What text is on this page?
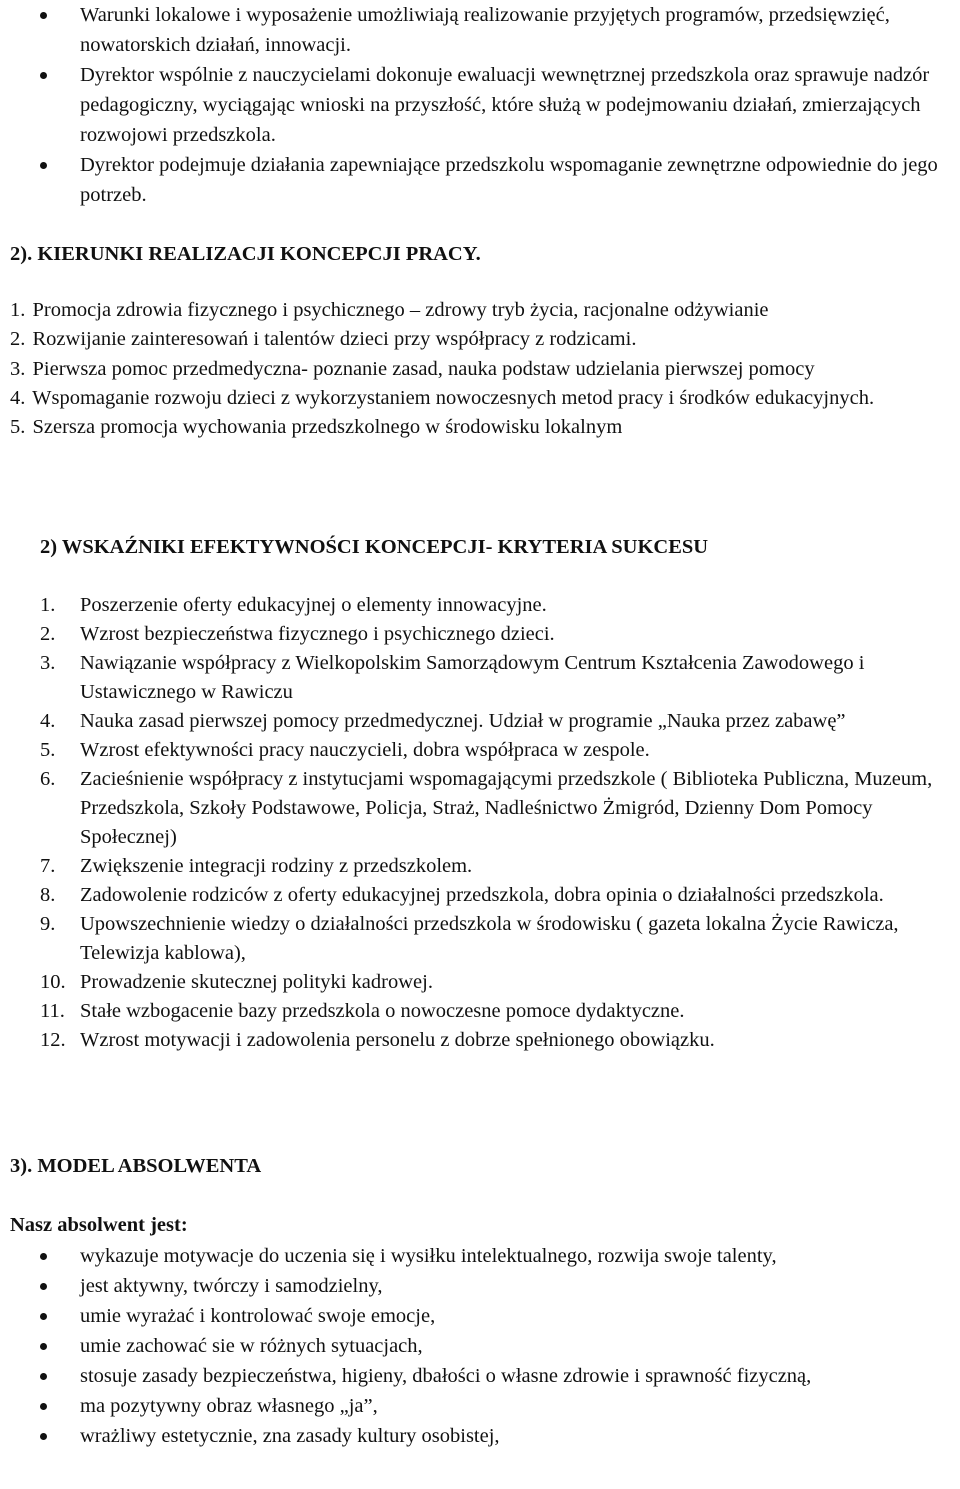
Warunki lokalowe i wyposażenie umożliwiają realizowanie przyjętych programów, przedsięwzięć, nowatorskich działań, innowacji.
Dyrektor wspólnie z nauczycielami dokonuje ewaluacji wewnętrznej przedszkola oraz sprawuje nadzór pedagogiczny, wyciągając wnioski na przyszłość, które służą w podejmowaniu działań, zmierzających rozwojowi przedszkola.
Dyrektor podejmuje działania zapewniające przedszkolu wspomaganie zewnętrzne odpowiednie do jego potrzeb.
2). KIERUNKI REALIZACJI KONCEPCJI PRACY.
1. Promocja zdrowia fizycznego i psychicznego – zdrowy tryb życia, racjonalne odżywianie
2. Rozwijanie zainteresowań i talentów dzieci przy współpracy z rodzicami.
3. Pierwsza pomoc przedmedyczna- poznanie zasad, nauka podstaw udzielania pierwszej pomocy
4. Wspomaganie rozwoju dzieci z wykorzystaniem nowoczesnych metod pracy i środków edukacyjnych.
5. Szersza promocja wychowania przedszkolnego w środowisku lokalnym
2) WSKAŹNIKI EFEKTYWNOŚCI KONCEPCJI- KRYTERIA SUKCESU
1. Poszerzenie oferty edukacyjnej o elementy innowacyjne.
2. Wzrost bezpieczeństwa fizycznego i psychicznego dzieci.
3. Nawiązanie współpracy z Wielkopolskim Samorządowym Centrum Kształcenia Zawodowego i Ustawicznego w Rawiczu
4. Nauka zasad pierwszej pomocy przedmedycznej. Udział w programie „Nauka przez zabawę”
5. Wzrost efektywności pracy nauczycieli, dobra współpraca w zespole.
6. Zacieśnienie współpracy z instytucjami wspomagającymi przedszkole ( Biblioteka Publiczna, Muzeum, Przedszkola, Szkoły Podstawowe, Policja, Straż, Nadleśnictwo Żmigród, Dzienny Dom Pomocy Społecznej)
7. Zwiększenie integracji rodziny z przedszkolem.
8. Zadowolenie rodziców z oferty edukacyjnej przedszkola, dobra opinia o działalności przedszkola.
9. Upowszechnienie wiedzy o działalności przedszkola w środowisku ( gazeta lokalna Życie Rawicza, Telewizja kablowa),
10. Prowadzenie skutecznej polityki kadrowej.
11. Stałe wzbogacenie bazy przedszkola o nowoczesne pomoce dydaktyczne.
12. Wzrost motywacji i zadowolenia personelu z dobrze spełnionego obowiązku.
3). MODEL ABSOLWENTA
Nasz absolwent jest:
wykazuje motywacje do uczenia się i wysiłku intelektualnego, rozwija swoje talenty,
jest aktywny, twórczy i samodzielny,
umie wyrażać i kontrolować swoje emocje,
umie zachować sie w różnych sytuacjach,
stosuje zasady bezpieczeństwa, higieny, dbałości o własne zdrowie i sprawność fizyczną,
ma pozytywny obraz własnego „ja”,
wrażliwy estetycznie, zna zasady kultury osobistej,
